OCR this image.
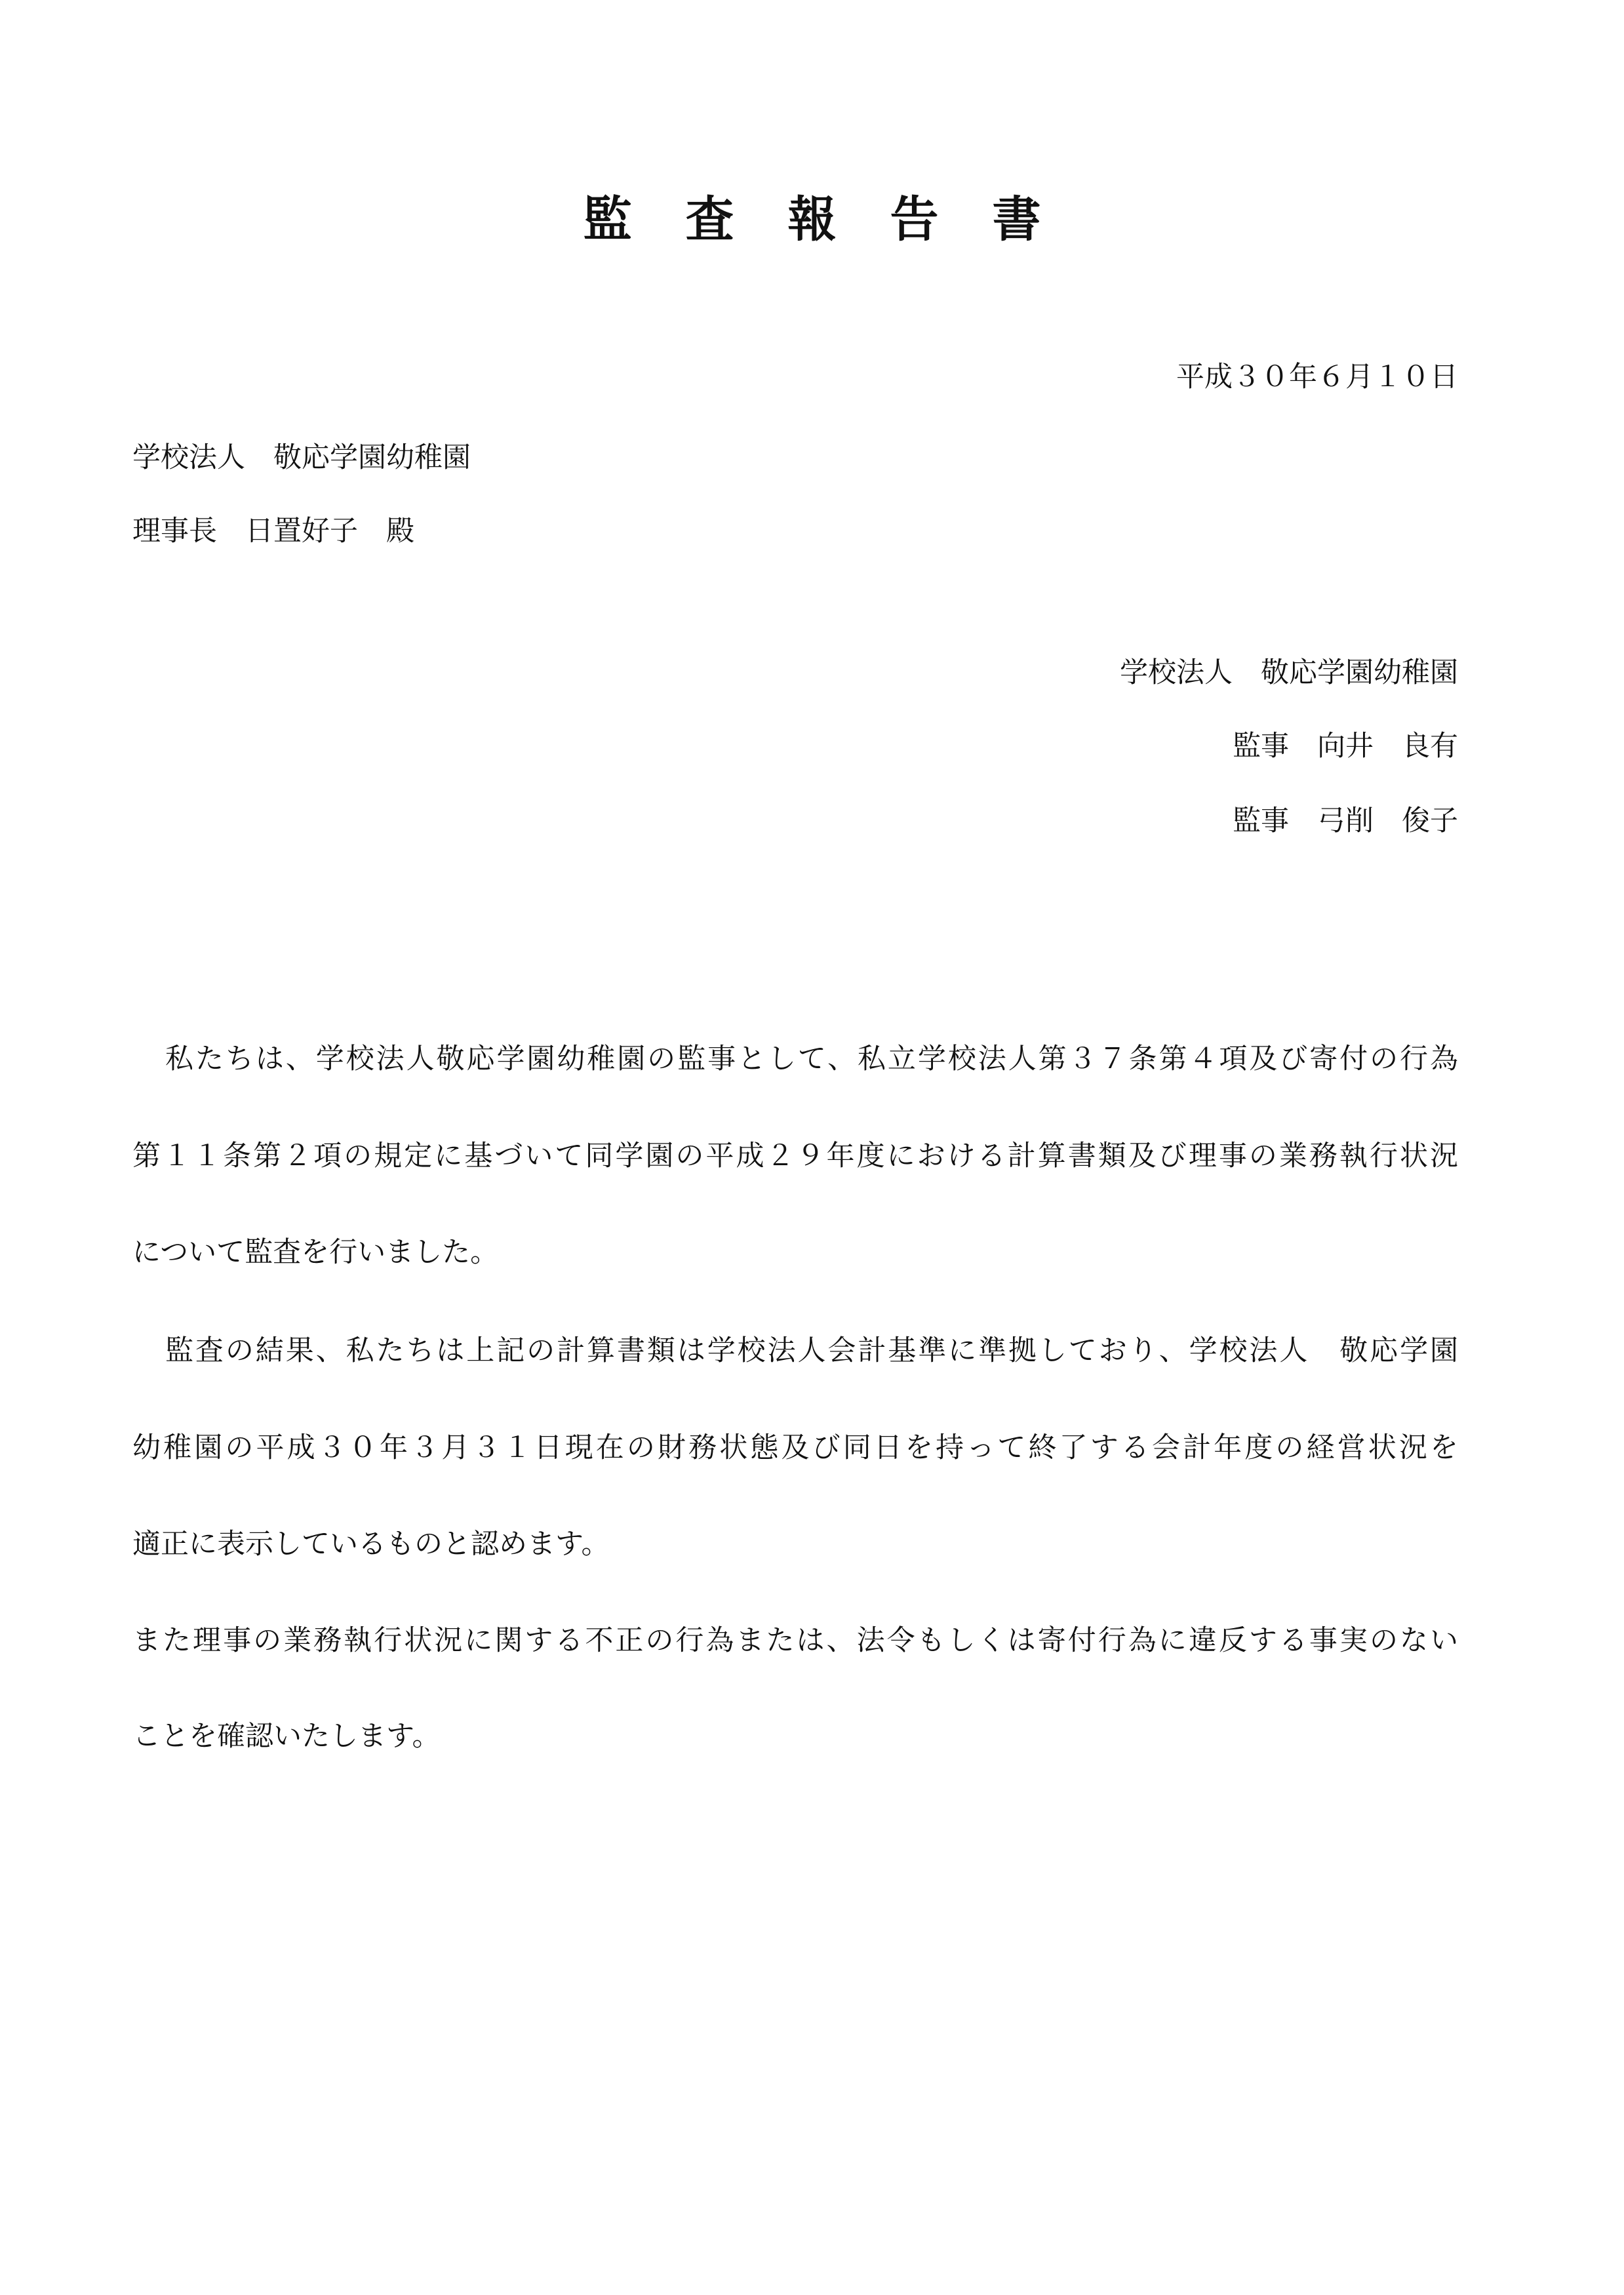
監査報告書
平成３０年６月１０日
学校法人　敬応学園幼稚園
理事長　日置好子　殿
学校法人　敬応学園幼稚園
監事　向井　良有
監事　弓削　俊子
私たちは、学校法人敬応学園幼稚園の監事として、私立学校法人第３７条第４項及び寄付の行為
第１１条第２項の規定に基づいて同学園の平成２９年度における計算書類及び理事の業務執行状況
について監査を行いました。
監査の結果、私たちは上記の計算書類は学校法人会計基準に準拠しており、学校法人　敬応学園
幼稚園の平成３０年３月３１日現在の財務状態及び同日を持って終了する会計年度の経営状況を
適正に表示しているものと認めます。
また理事の業務執行状況に関する不正の行為または、法令もしくは寄付行為に違反する事実のない
ことを確認いたします。
